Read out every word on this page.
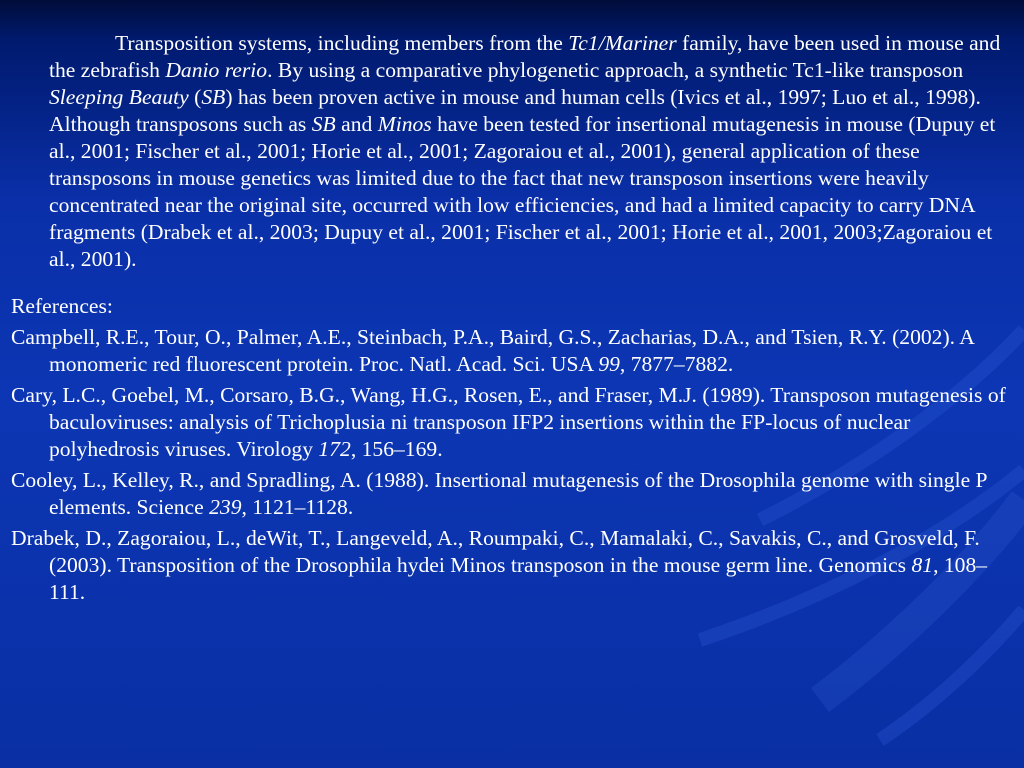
Transposition systems, including members from the Tc1/Mariner family, have been used in mouse and the zebrafish Danio rerio. By using a comparative phylogenetic approach, a synthetic Tc1-like transposon Sleeping Beauty (SB) has been proven active in mouse and human cells (Ivics et al., 1997; Luo et al., 1998). Although transposons such as SB and Minos have been tested for insertional mutagenesis in mouse (Dupuy et al., 2001; Fischer et al., 2001; Horie et al., 2001; Zagoraiou et al., 2001), general application of these transposons in mouse genetics was limited due to the fact that new transposon insertions were heavily concentrated near the original site, occurred with low efficiencies, and had a limited capacity to carry DNA fragments (Drabek et al., 2003; Dupuy et al., 2001; Fischer et al., 2001; Horie et al., 2001, 2003;Zagoraiou et al., 2001).

References:
Campbell, R.E., Tour, O., Palmer, A.E., Steinbach, P.A., Baird, G.S., Zacharias, D.A., and Tsien, R.Y. (2002). A monomeric red fluorescent protein. Proc. Natl. Acad. Sci. USA 99, 7877–7882.
Cary, L.C., Goebel, M., Corsaro, B.G., Wang, H.G., Rosen, E., and Fraser, M.J. (1989). Transposon mutagenesis of baculoviruses: analysis of Trichoplusia ni transposon IFP2 insertions within the FP-locus of nuclear polyhedrosis viruses. Virology 172, 156–169.
Cooley, L., Kelley, R., and Spradling, A. (1988). Insertional mutagenesis of the Drosophila genome with single P elements. Science 239, 1121–1128.
Drabek, D., Zagoraiou, L., deWit, T., Langeveld, A., Roumpaki, C., Mamalaki, C., Savakis, C., and Grosveld, F. (2003). Transposition of the Drosophila hydei Minos transposon in the mouse germ line. Genomics 81, 108–111.
